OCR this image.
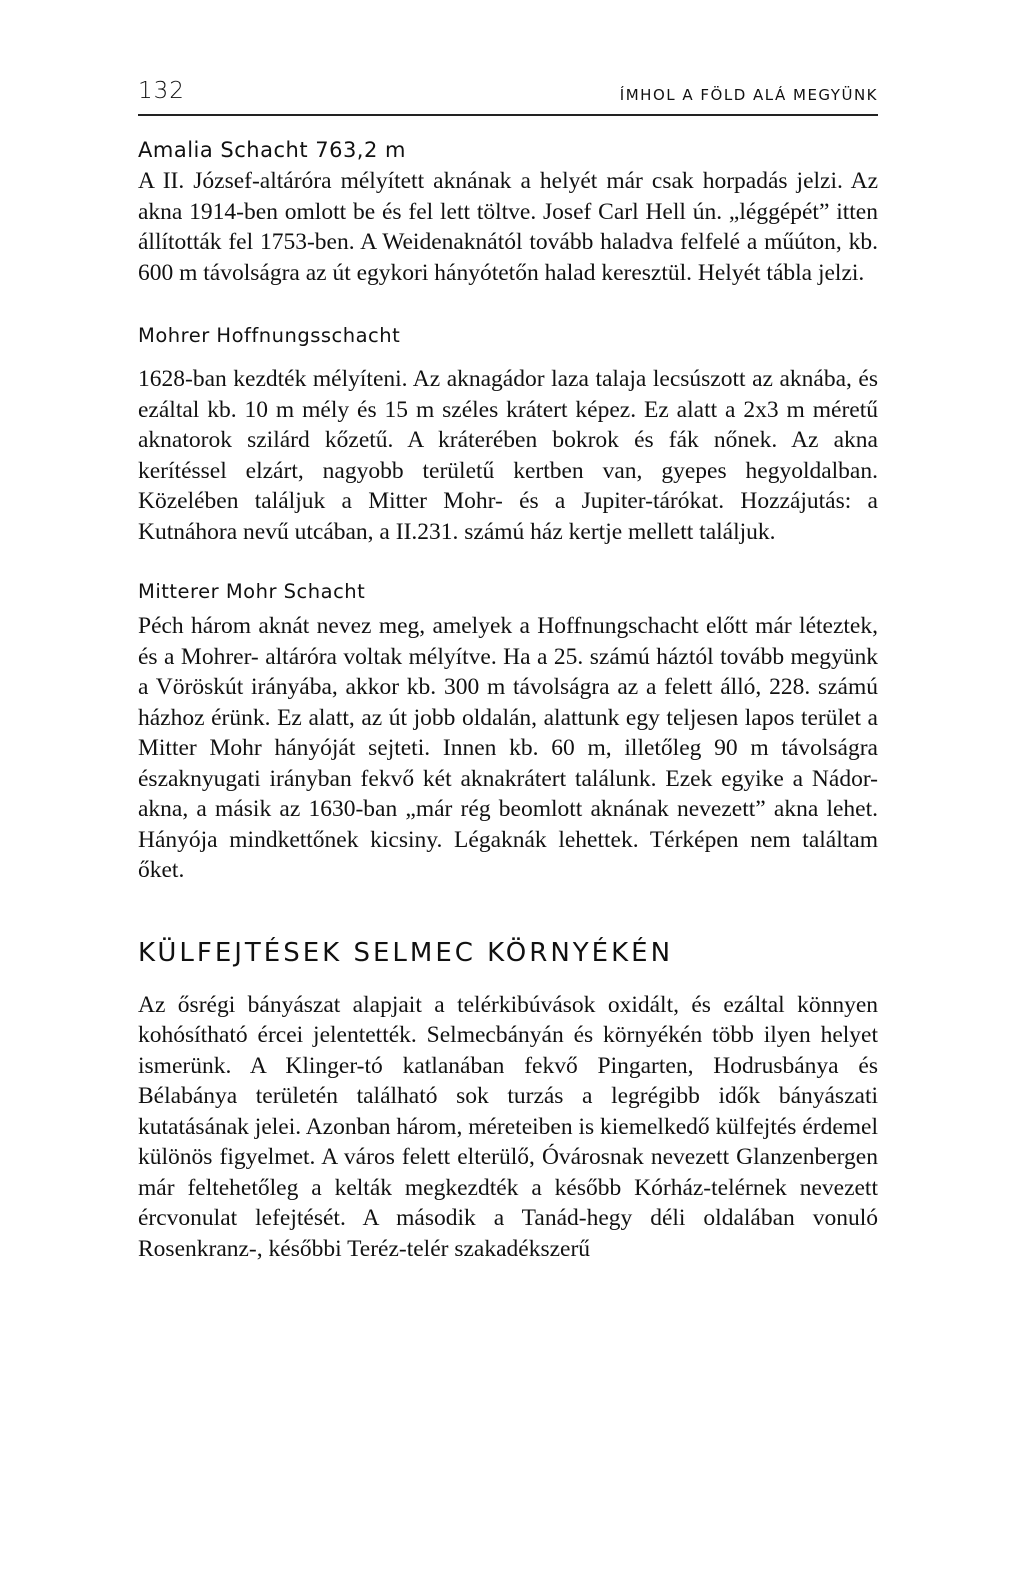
132	ÍMHOL A FÖLD ALÁ MEGYÜNK
Amalia Schacht 763,2 m

A II. József-altáróra mélyített aknának a helyét már csak horpadás jelzi. Az akna 1914-ben omlott be és fel lett töltve. Josef Carl Hell ún. „léggépét” itten állították fel 1753-ben. A Weidenaknától tovább haladva felfelé a műúton, kb. 600 m távolságra az út egykori hányótetőn halad keresztül. Helyét tábla jelzi.

Mohrer Hoffnungsschacht

1628-ban kezdték mélyíteni. Az aknagádor laza talaja lecsúszott az aknába, és ezáltal kb. 10 m mély és 15 m széles krátert képez. Ez alatt a 2x3 m méretű aknatorok szilárd kőzetű. A kráterében bokrok és fák nőnek. Az akna kerítéssel elzárt, nagyobb területű kertben van, gyepes hegyoldalban. Közelében találjuk a Mitter Mohr- és a Jupiter-tárókat. Hozzájutás: a Kutnáhora nevű utcában, a II.231. számú ház kertje mellett találjuk.

Mitterer Mohr Schacht

Péch három aknát nevez meg, amelyek a Hoffnungschacht előtt már léteztek, és a Mohrer- altáróra voltak mélyítve. Ha a 25. számú háztól tovább megyünk a Vöröskút irányába, akkor kb. 300 m távolságra az a felett álló, 228. számú házhoz érünk. Ez alatt, az út jobb oldalán, alattunk egy teljesen lapos terület a Mitter Mohr hányóját sejteti. Innen kb. 60 m, illetőleg 90 m távolságra északnyugati irányban fekvő két aknakrátert találunk. Ezek egyike a Nádor-akna, a másik az 1630-ban „már rég beomlott aknának nevezett” akna lehet. Hányója mindkettőnek kicsiny. Légaknák lehettek. Térképen nem találtam őket.

KÜLFEJTÉSEK SELMEC KÖRNYÉKÉN

Az ősrégi bányászat alapjait a telérkibúvások oxidált, és ezáltal könnyen kohósítható ércei jelentették. Selmecbányán és környékén több ilyen helyet ismerünk. A Klinger-tó katlanában fekvő Pingarten, Hodrusbánya és Bélabánya területén található sok turzás a legrégibb idők bányászati kutatásának jelei. Azonban három, méreteiben is kiemelkedő külfejtés érdemel különös figyelmet. A város felett elterülő, Óvárosnak nevezett Glanzenbergen már feltehetőleg a kelták megkezdték a később Kórház-telérnek nevezett ércvonulat lefejtését. A második a Tanád-hegy déli oldalában vonuló Rosenkranz-, későbbi Teréz-telér szakadékszerű
